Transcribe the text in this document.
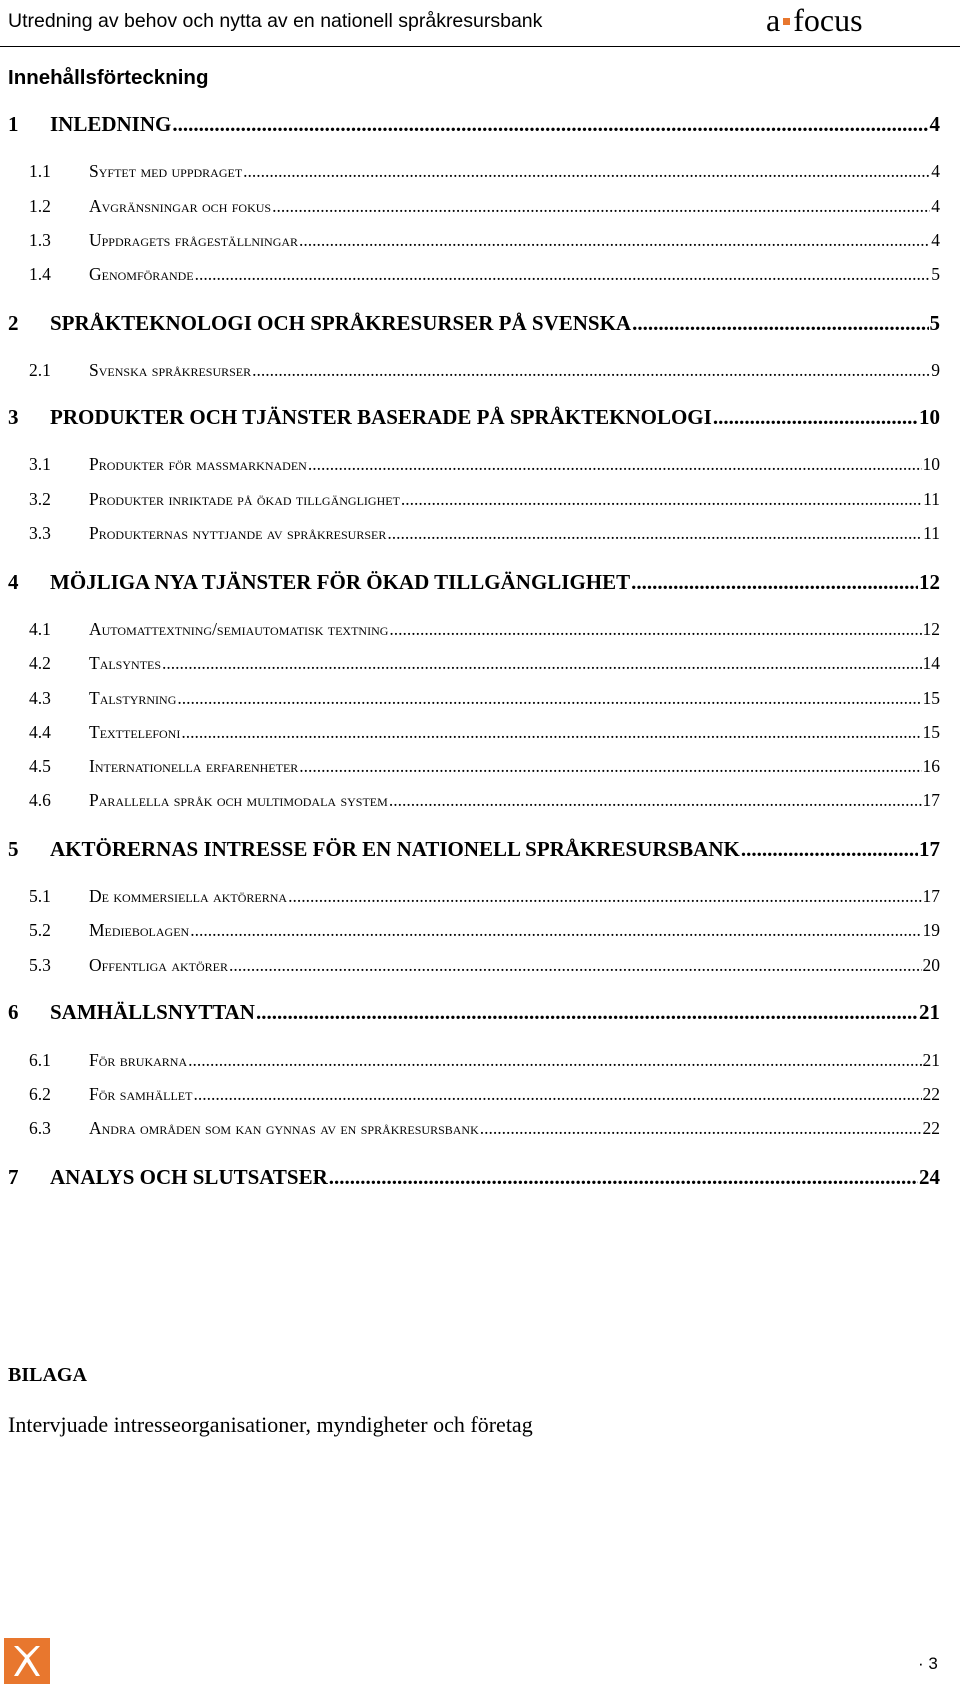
Utredning av behov och nytta av en nationell språkresursbank	a focus
Innehållsförteckning
1 INLEDNING .....	4
1.1 Syftet med uppdraget .....	4
1.2 Avgränsningar och fokus .....	4
1.3 Uppdragets frågeställningar .....	4
1.4 Genomförande .....	5
2 SPRÅKTEKNOLOGI OCH SPRÅKRESURSER PÅ SVENSKA .....	5
2.1 Svenska språkresurser .....	9
3 PRODUKTER OCH TJÄNSTER BASERADE PÅ SPRÅKTEKNOLOGI .....	10
3.1 Produkter för massmarknaden .....	10
3.2 Produkter inriktade på ökad tillgänglighet .....	11
3.3 Produkternas nyttjande av språkresurser .....	11
4 MÖJLIGA NYA TJÄNSTER FÖR ÖKAD TILLGÄNGLIGHET .....	12
4.1 Automattextning/semiautomatisk textning .....	12
4.2 Talsyntes .....	14
4.3 Talstyrning .....	15
4.4 Texttelefoni .....	15
4.5 Internationella erfarenheter .....	16
4.6 Parallella språk och multimodala system .....	17
5 AKTÖRERNAS INTRESSE FÖR EN NATIONELL SPRÅKRESURSBANK .....	17
5.1 De kommersiella aktörerna .....	17
5.2 Mediebolagen .....	19
5.3 Offentliga aktörer .....	20
6 SAMHÄLLSNYTTAN .....	21
6.1 För brukarna .....	21
6.2 För samhället .....	22
6.3 Andra områden som kan gynnas av en språkresursbank .....	22
7 ANALYS OCH SLUTSATSER .....	24
BILAGA
Intervjuade intresseorganisationer, myndigheter och företag
· 3
